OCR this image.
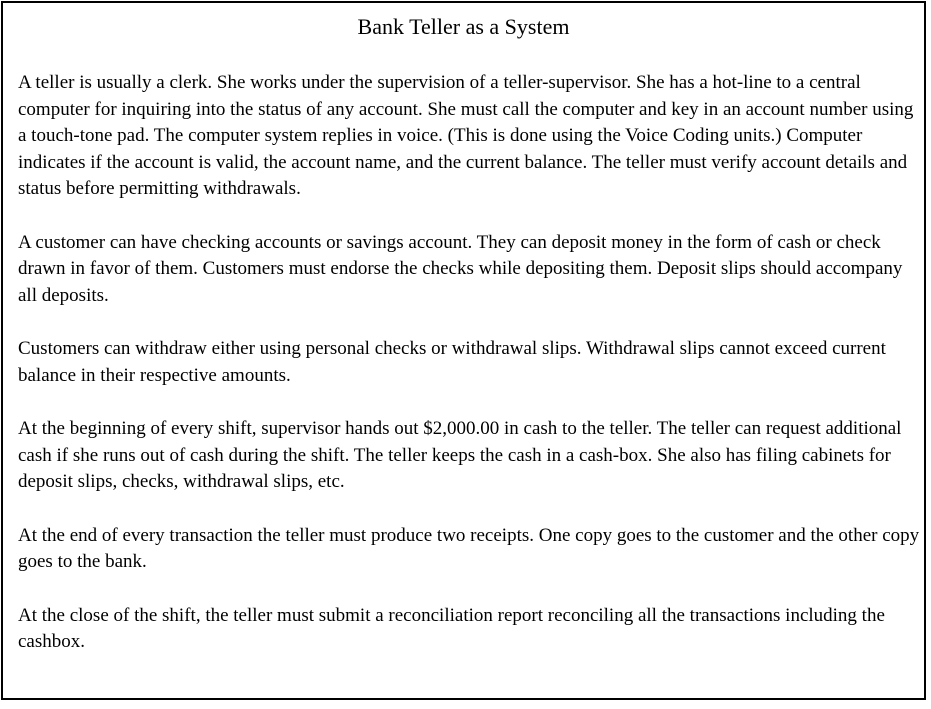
Bank Teller as a System

A teller is usually a clerk. She works under the supervision of a teller-supervisor. She has a hot-line to a central computer for inquiring into the status of any account. She must call the computer and key in an account number using a touch-tone pad. The computer system replies in voice. (This is done using the Voice Coding units.) Computer indicates if the account is valid, the account name, and the current balance. The teller must verify account details and status before permitting withdrawals.

A customer can have checking accounts or savings account. They can deposit money in the form of cash or check drawn in favor of them. Customers must endorse the checks while depositing them. Deposit slips should accompany all deposits.

Customers can withdraw either using personal checks or withdrawal slips. Withdrawal slips cannot exceed current balance in their respective amounts.

At the beginning of every shift, supervisor hands out $2,000.00 in cash to the teller. The teller can request additional cash if she runs out of cash during the shift. The teller keeps the cash in a cash-box. She also has filing cabinets for deposit slips, checks, withdrawal slips, etc.

At the end of every transaction the teller must produce two receipts. One copy goes to the customer and the other copy goes to the bank.

At the close of the shift, the teller must submit a reconciliation report reconciling all the transactions including the cashbox.
